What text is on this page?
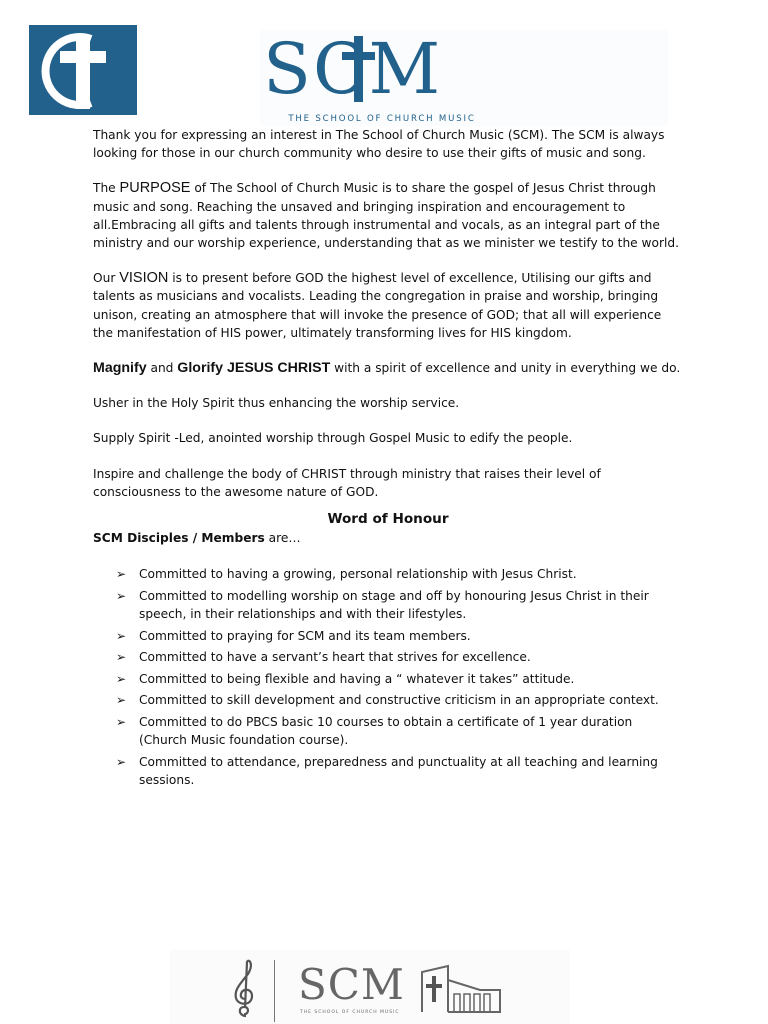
SCM
THE SCHOOL OF CHURCH MUSIC

Thank you for expressing an interest in The School of Church Music (SCM). The SCM is always looking for those in our church community who desire to use their gifts of music and song.

The PURPOSE of The School of Church Music is to share the gospel of Jesus Christ through music and song. Reaching the unsaved and bringing inspiration and encouragement to all.Embracing all gifts and talents through instrumental and vocals, as an integral part of the ministry and our worship experience, understanding that as we minister we testify to the world.

Our VISION is to present before GOD the highest level of excellence, Utilising our gifts and talents as musicians and vocalists. Leading the congregation in praise and worship, bringing unison, creating an atmosphere that will invoke the presence of GOD; that all will experience the manifestation of HIS power, ultimately transforming lives for HIS kingdom.

Magnify and Glorify JESUS CHRIST with a spirit of excellence and unity in everything we do.

Usher in the Holy Spirit thus enhancing the worship service.

Supply Spirit -Led, anointed worship through Gospel Music to edify the people.

Inspire and challenge the body of CHRIST through ministry that raises their level of consciousness to the awesome nature of GOD.

Word of Honour
SCM Disciples / Members are…
➢ Committed to having a growing, personal relationship with Jesus Christ.
➢ Committed to modelling worship on stage and off by honouring Jesus Christ in their speech, in their relationships and with their lifestyles.
➢ Committed to praying for SCM and its team members.
➢ Committed to have a servant’s heart that strives for excellence.
➢ Committed to being flexible and having a “ whatever it takes” attitude.
➢ Committed to skill development and constructive criticism in an appropriate context.
➢ Committed to do PBCS basic 10 courses to obtain a certificate of 1 year duration (Church Music foundation course).
➢ Committed to attendance, preparedness and punctuality at all teaching and learning sessions.
SCM
THE SCHOOL OF CHURCH MUSIC
